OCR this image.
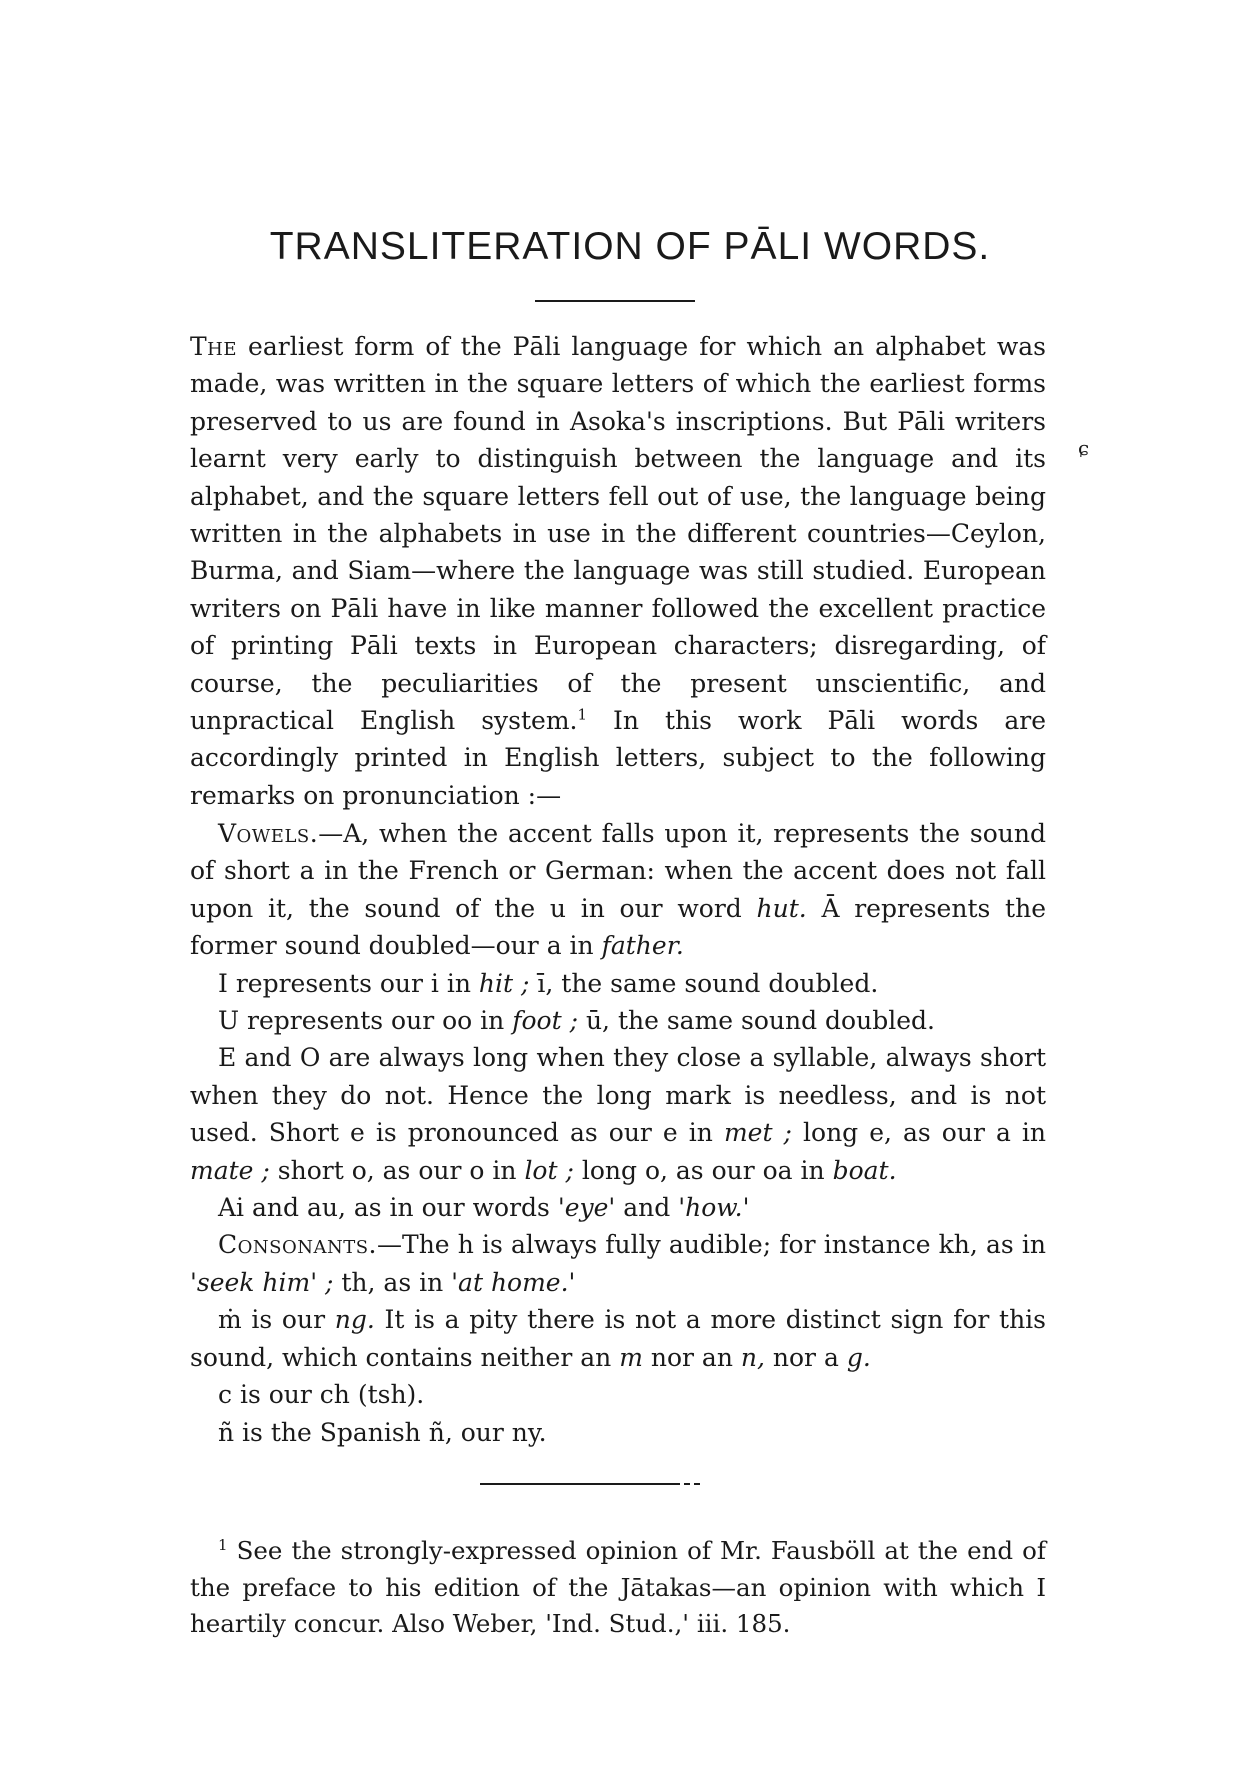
TRANSLITERATION OF PĀLI WORDS.
ɕ

The earliest form of the Pāli language for which an alphabet was made, was written in the square letters of which the earliest forms preserved to us are found in Asoka's inscriptions. But Pāli writers learnt very early to distinguish between the language and its alphabet, and the square letters fell out of use, the language being written in the alphabets in use in the different countries—Ceylon, Burma, and Siam—where the language was still studied. European writers on Pāli have in like manner followed the excellent practice of printing Pāli texts in European characters; disregarding, of course, the peculiarities of the present unscientific, and unpractical English system.$^1$ In this work Pāli words are accordingly printed in English letters, subject to the following remarks on pronunciation :—

Vowels.—A, when the accent falls upon it, represents the sound of short a in the French or German: when the accent does not fall upon it, the sound of the u in our word hut. Ā represents the former sound doubled—our a in father.

I represents our i in hit ; ī, the same sound doubled.

U represents our oo in foot ; ū, the same sound doubled.

E and O are always long when they close a syllable, always short when they do not. Hence the long mark is needless, and is not used. Short e is pronounced as our e in met ; long e, as our a in mate ; short o, as our o in lot ; long o, as our oa in boat.

Ai and au, as in our words 'eye' and 'how.'

Consonants.—The h is always fully audible; for instance kh, as in 'seek him' ; th, as in 'at home.'

ṁ is our ng. It is a pity there is not a more distinct sign for this sound, which contains neither an m nor an n, nor a g.

c is our ch (tsh).

ñ is the Spanish ñ, our ny.

$^1$ See the strongly-expressed opinion of Mr. Fausböll at the end of the preface to his edition of the Jātakas—an opinion with which I heartily concur. Also Weber, 'Ind. Stud.,' iii. 185.
